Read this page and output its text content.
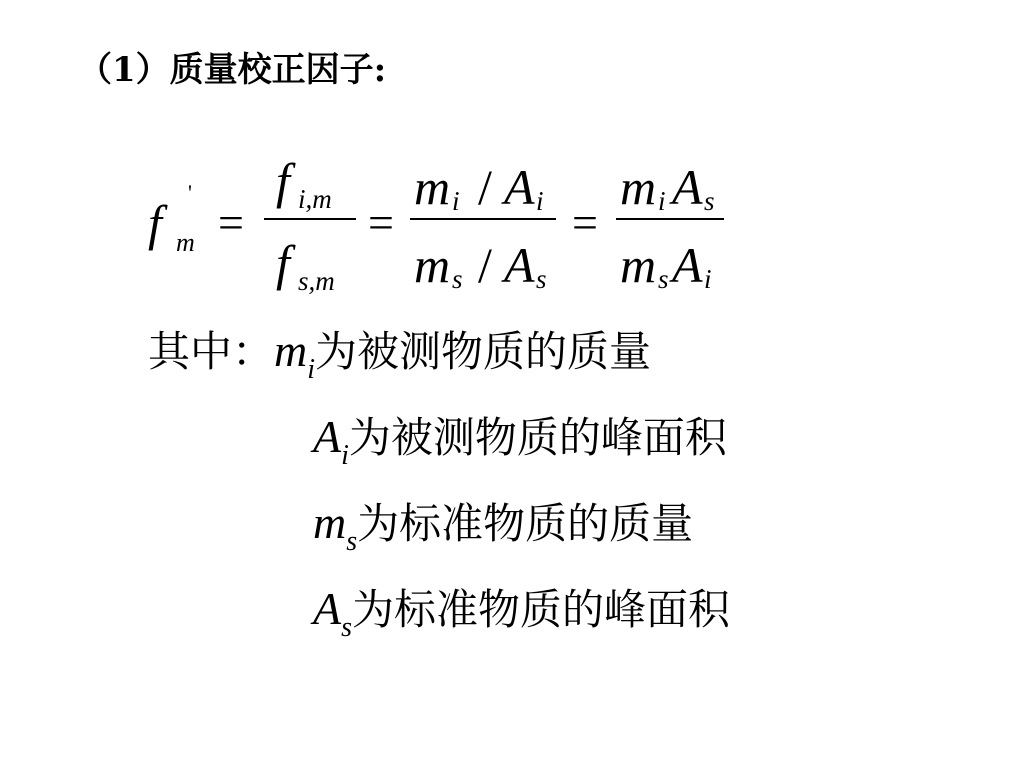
（1）质量校正因子:
f m
'
=
f i,m
f s,m
=
m i / A i
m s / A s
=
m i A s
m s A i
其中：$m_i$为被测物质的质量
$A_i$为被测物质的峰面积
$m_s$为标准物质的质量
$A_s$为标准物质的峰面积
